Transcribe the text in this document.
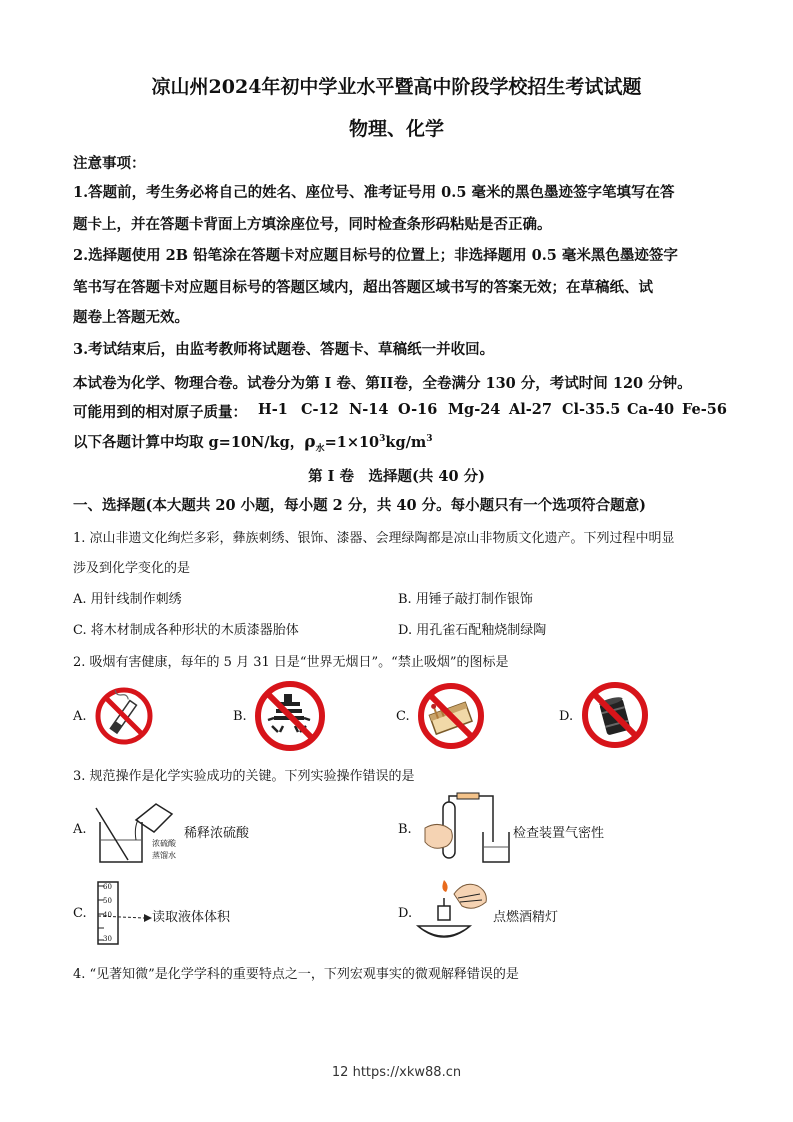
凉山州2024年初中学业水平暨高中阶段学校招生考试试题
物理、化学
注意事项：
1.答题前，考生务必将自己的姓名、座位号、准考证号用 0.5 毫米的黑色墨迹签字笔填写在答
题卡上，并在答题卡背面上方填涂座位号，同时检查条形码粘贴是否正确。
2.选择题使用 2B 铅笔涂在答题卡对应题目标号的位置上；非选择题用 0.5 毫米黑色墨迹签字
笔书写在答题卡对应题目标号的答题区域内，超出答题区域书写的答案无效；在草稿纸、试
题卷上答题无效。
3.考试结束后，由监考教师将试题卷、答题卡、草稿纸一并收回。
本试卷为化学、物理合卷。试卷分为第 I 卷、第II卷，全卷满分 130 分，考试时间 120 分钟。
可能用到的相对原子质量： H-1 C-12 N-14 O-16 Mg-24 Al-27 Cl-35.5 Ca-40 Fe-56
以下各题计算中均取 g=10N/kg，$\rho_水=1\times 10^3kg/m^3$
第 I 卷　选择题(共 40 分)
一、选择题(本大题共 20 小题，每小题 2 分，共 40 分。每小题只有一个选项符合题意)
1. 凉山非遗文化绚烂多彩，彝族刺绣、银饰、漆器、会理绿陶都是凉山非物质文化遗产。下列过程中明显
涉及到化学变化的是
A. 用针线制作刺绣	B. 用锤子敲打制作银饰
C. 将木材制成各种形状的木质漆器胎体	D. 用孔雀石配釉烧制绿陶
2. 吸烟有害健康，每年的 5 月 31 日是“世界无烟日”。“禁止吸烟”的图标是
A.	B.	C.	D.
3. 规范操作是化学实验成功的关键。下列实验操作错误的是
A.
浓硫酸
蒸馏水
稀释浓硫酸	B.	检查装置气密性
C.
60
50
40
30
读取液体体积	D.	点燃酒精灯
4. “见著知微”是化学学科的重要特点之一，下列宏观事实的微观解释错误的是
12 https://xkw88.cn
